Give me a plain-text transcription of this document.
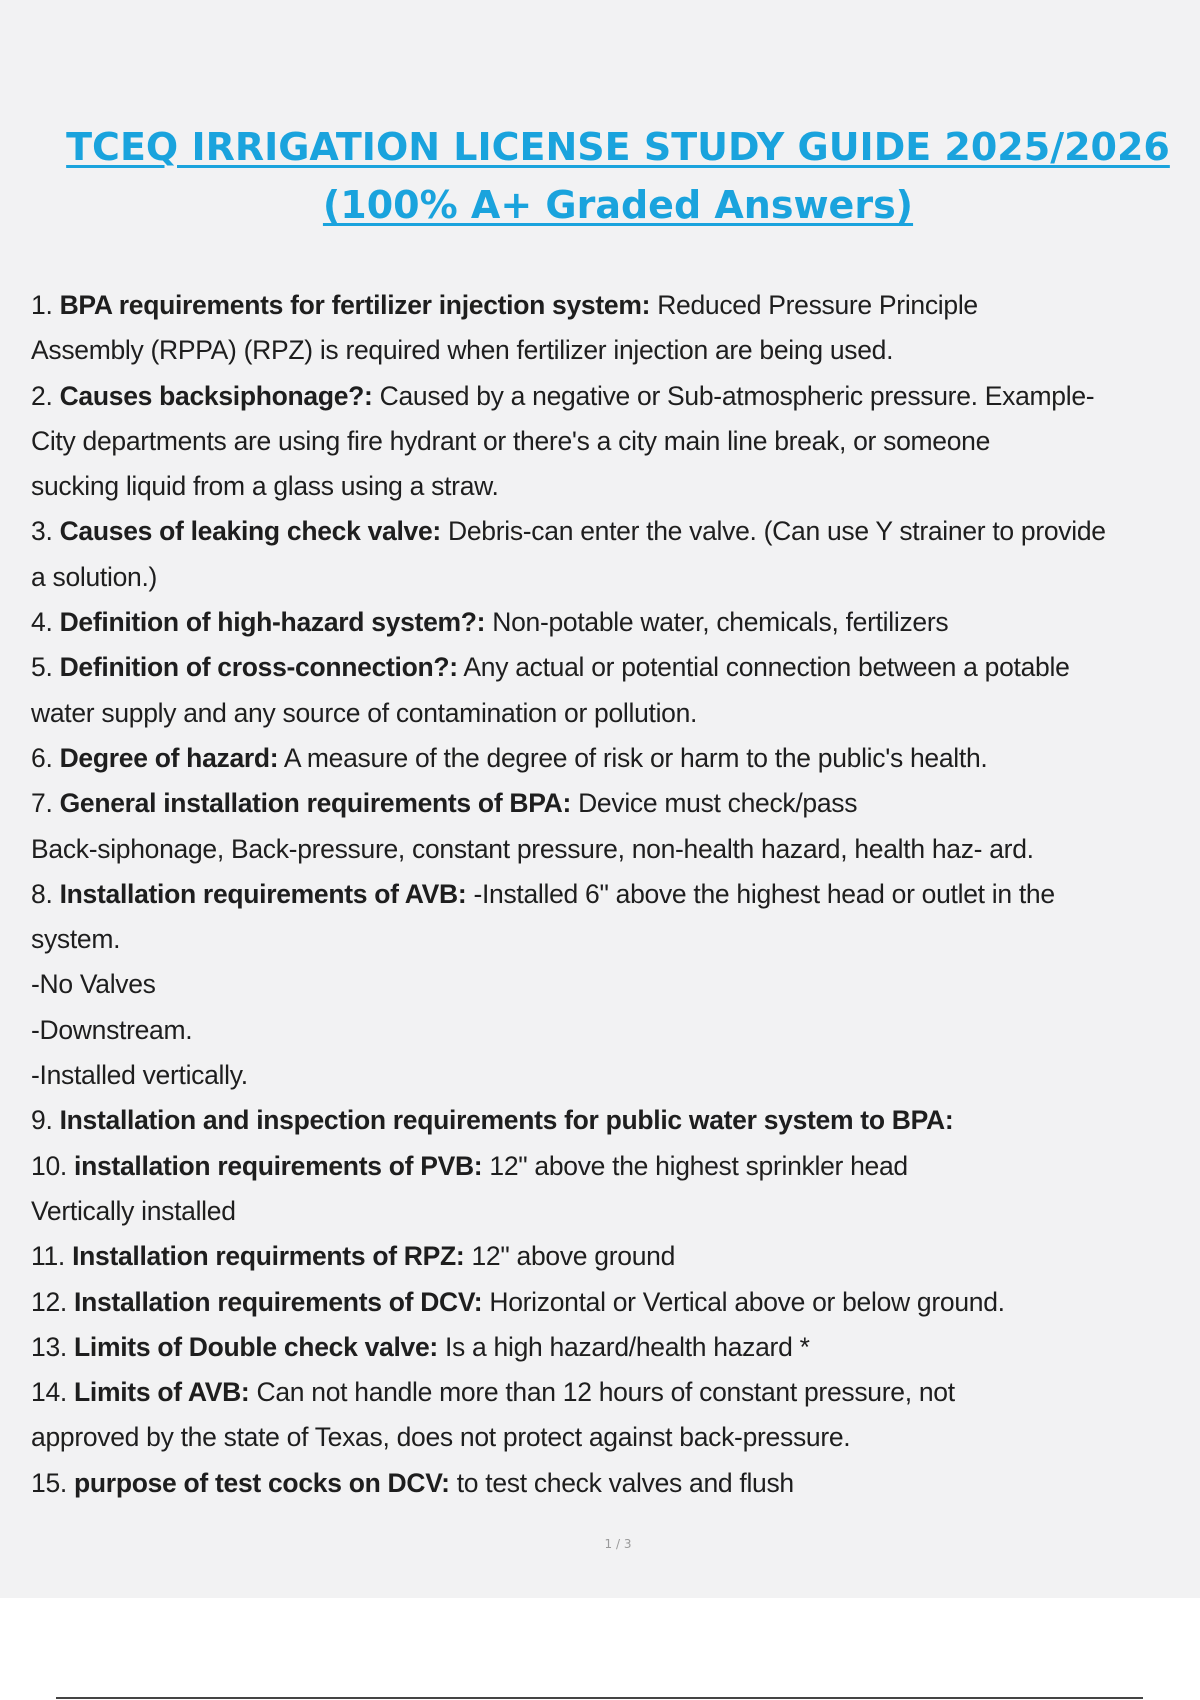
TCEQ IRRIGATION LICENSE STUDY GUIDE 2025/2026
(100% A+ Graded Answers)
1. BPA requirements for fertilizer injection system: Reduced Pressure Principle
Assembly (RPPA) (RPZ) is required when fertilizer injection are being used.
2. Causes backsiphonage?: Caused by a negative or Sub-atmospheric pressure. Example-
City departments are using fire hydrant or there's a city main line break, or someone
sucking liquid from a glass using a straw.
3. Causes of leaking check valve: Debris-can enter the valve. (Can use Y strainer to provide
a solution.)
4. Definition of high-hazard system?: Non-potable water, chemicals, fertilizers
5. Definition of cross-connection?: Any actual or potential connection between a potable
water supply and any source of contamination or pollution.
6. Degree of hazard: A measure of the degree of risk or harm to the public's health.
7. General installation requirements of BPA: Device must check/pass
Back-siphonage, Back-pressure, constant pressure, non-health hazard, health haz- ard.
8. Installation requirements of AVB: -Installed 6" above the highest head or outlet in the
system.
-No Valves
-Downstream.
-Installed vertically.
9. Installation and inspection requirements for public water system to BPA:
10. installation requirements of PVB: 12" above the highest sprinkler head
Vertically installed
11. Installation requirments of RPZ: 12" above ground
12. Installation requirements of DCV: Horizontal or Vertical above or below ground.
13. Limits of Double check valve: Is a high hazard/health hazard *
14. Limits of AVB: Can not handle more than 12 hours of constant pressure, not
approved by the state of Texas, does not protect against back-pressure.
15. purpose of test cocks on DCV: to test check valves and flush
1 / 3
